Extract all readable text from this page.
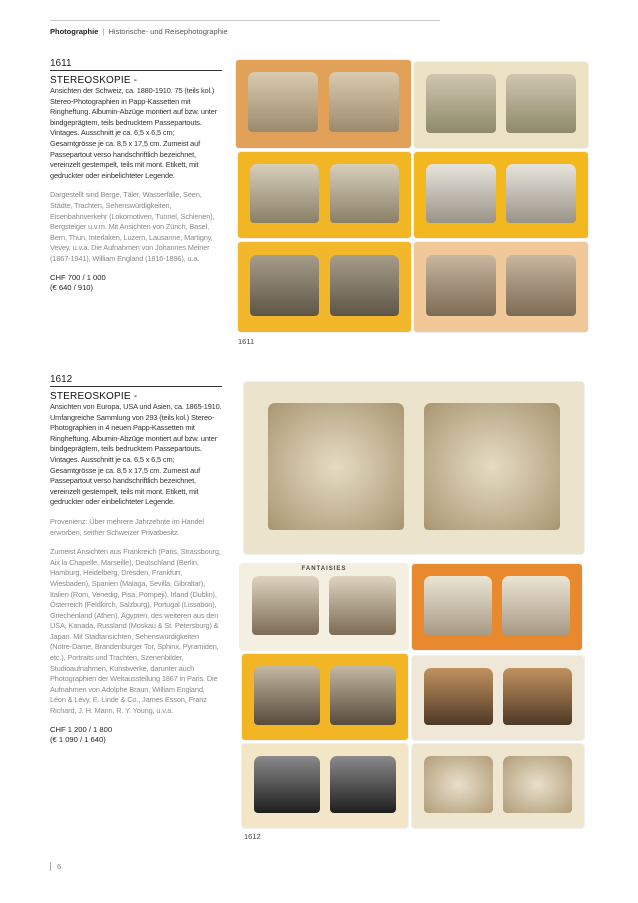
Photographie | Historische- und Reisephotographie
1611
STEREOSKOPIE -
Ansichten der Schweiz, ca. 1880-1910. 75 (teils kol.) Stereo-Photographien in Papp-Kassetten mit Ringheftung. Albumin-Abzüge montiert auf bzw. unter bindgeprägtem, teils bedrucktem Passepartouts. Vintages. Ausschnitt je ca. 6,5 x 6,5 cm; Gesamtgrösse je ca. 8,5 x 17,5 cm. Zumeist auf Passepartout verso handschriftlich bezeichnet, vereinzelt gestempelt, teils mit mont. Etikett, mit gedruckter oder einbelichteter Legende.
Dargestellt sind Berge, Täler, Wasserfälle, Seen, Städte, Trachten, Sehenswürdigkeiten, Eisenbahnverkehr (Lokomotiven, Tunnel, Schienen), Bergsteiger u.v.m. Mit Ansichten von Zürich, Basel, Bern, Thun, Interlaken, Luzern, Lausanne, Martigny, Vevey, u.v.a. Die Aufnahmen von Johannes Meiner (1867-1941), William England (1816-1896), u.a.
CHF 700 / 1 000
(€ 640 / 910)
1611
1612
STEREOSKOPIE -
Ansichten von Europa, USA und Asien, ca. 1865-1910. Umfangreiche Sammlung von 293 (teils kol.) Stereo-Photographien in 4 neuen Papp-Kassetten mit Ringheftung. Albumin-Abzüge montiert auf bzw. unter bindgeprägtem, teils bedrucktem Passepartouts. Vintages. Ausschnitt je ca. 6,5 x 6,5 cm; Gesamtgrösse je ca. 8,5 x 17,5 cm. Zumeist auf Passepartout verso handschriftlich bezeichnet, vereinzelt gestempelt, teils mit mont. Etikett, mit gedruckter oder einbelichteter Legende.
Provenienz: Über mehrere Jahrzehnte im Handel erworben, seither Schweizer Privatbesitz.
Zumeist Ansichten aus Frankreich (Paris, Strassbourg, Aix la Chapelle, Marseille), Deutschland (Berlin, Hamburg, Heidelberg, Dresden, Frankfurt, Wiesbaden), Spanien (Malaga, Sevilla, Gibraltar), Italien (Rom, Venedig, Pisa, Pompeji), Irland (Dublin), Österreich (Feldkirch, Salzburg), Portugal (Lissabon), Griechenland (Athen), Ägypten, des weiteren aus den USA, Kanada, Russland (Moskau & St. Petersburg) & Japan. Mit Stadtansichten, Sehenswürdigkeiten (Notre-Dame, Brandenburger Tor, Sphinx, Pyramiden, etc.), Portraits und Trachten, Szenenbilder, Studioaufnahmen, Kunstwerke, darunter auch Photographien der Weltausstellung 1867 in Paris. Die Aufnahmen von Adolphe Braun, William England, Léon & Lévy, E. Linde & Co., James Esson, Franz Richard, J. H. Mann, R. Y. Young, u.v.a.
CHF 1 200 / 1 800
(€ 1 090 / 1 640)
FANTAISIES
1612
6
